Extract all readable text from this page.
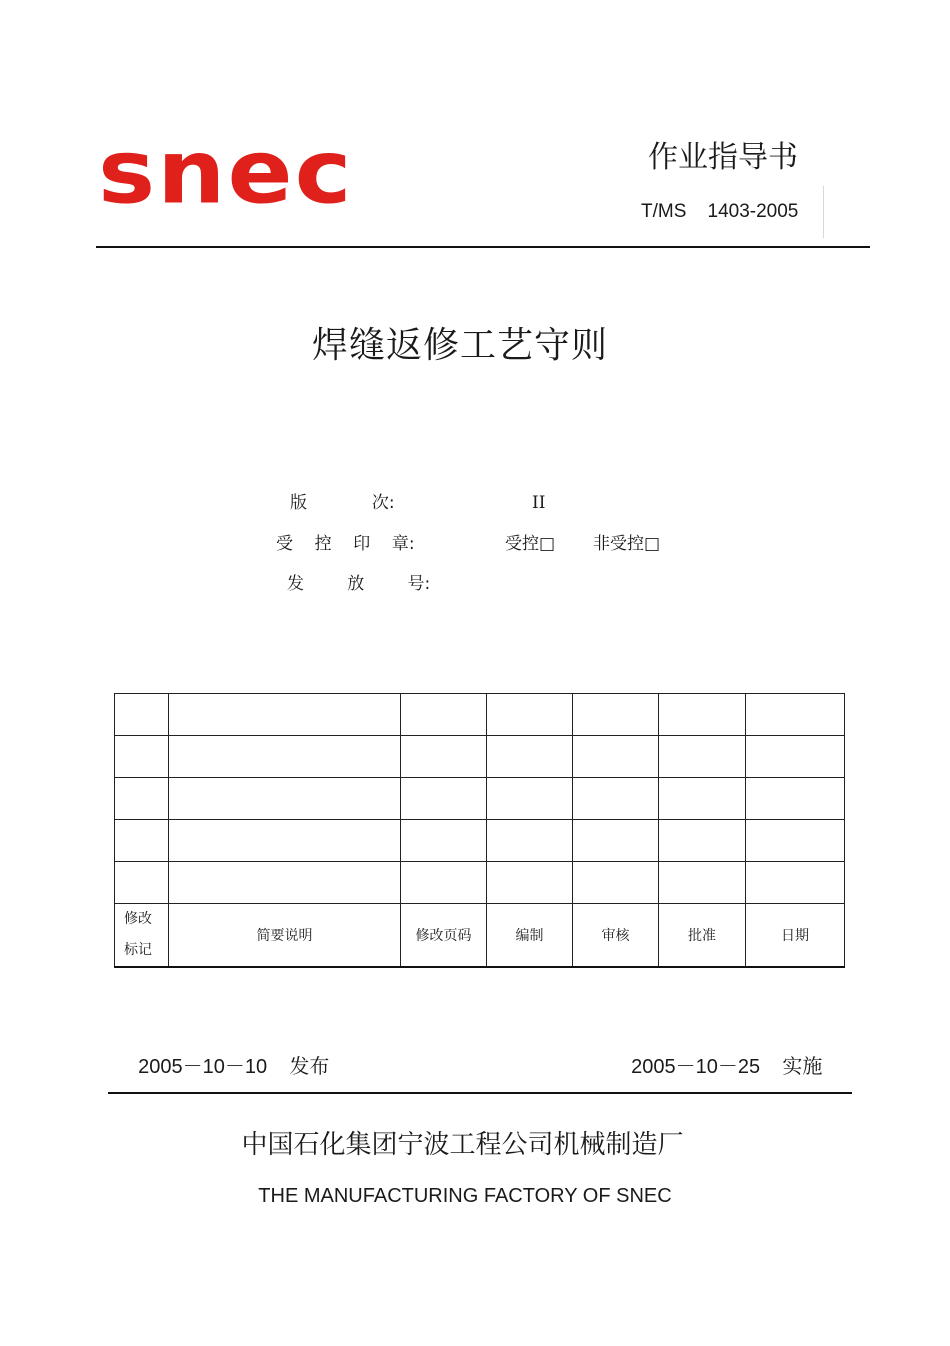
snec	作业指导书
T/MS    1403-2005
焊缝返修工艺守则
版            次:	II
受    控    印    章:	受控□ 非受控□
发        放        号:

修改
标记	简要说明	修改页码	编制	审核	批准	日期

2005－10－10 发布	2005－10－25 实施

中国石化集团宁波工程公司机械制造厂
THE MANUFACTURING FACTORY OF SNEC
